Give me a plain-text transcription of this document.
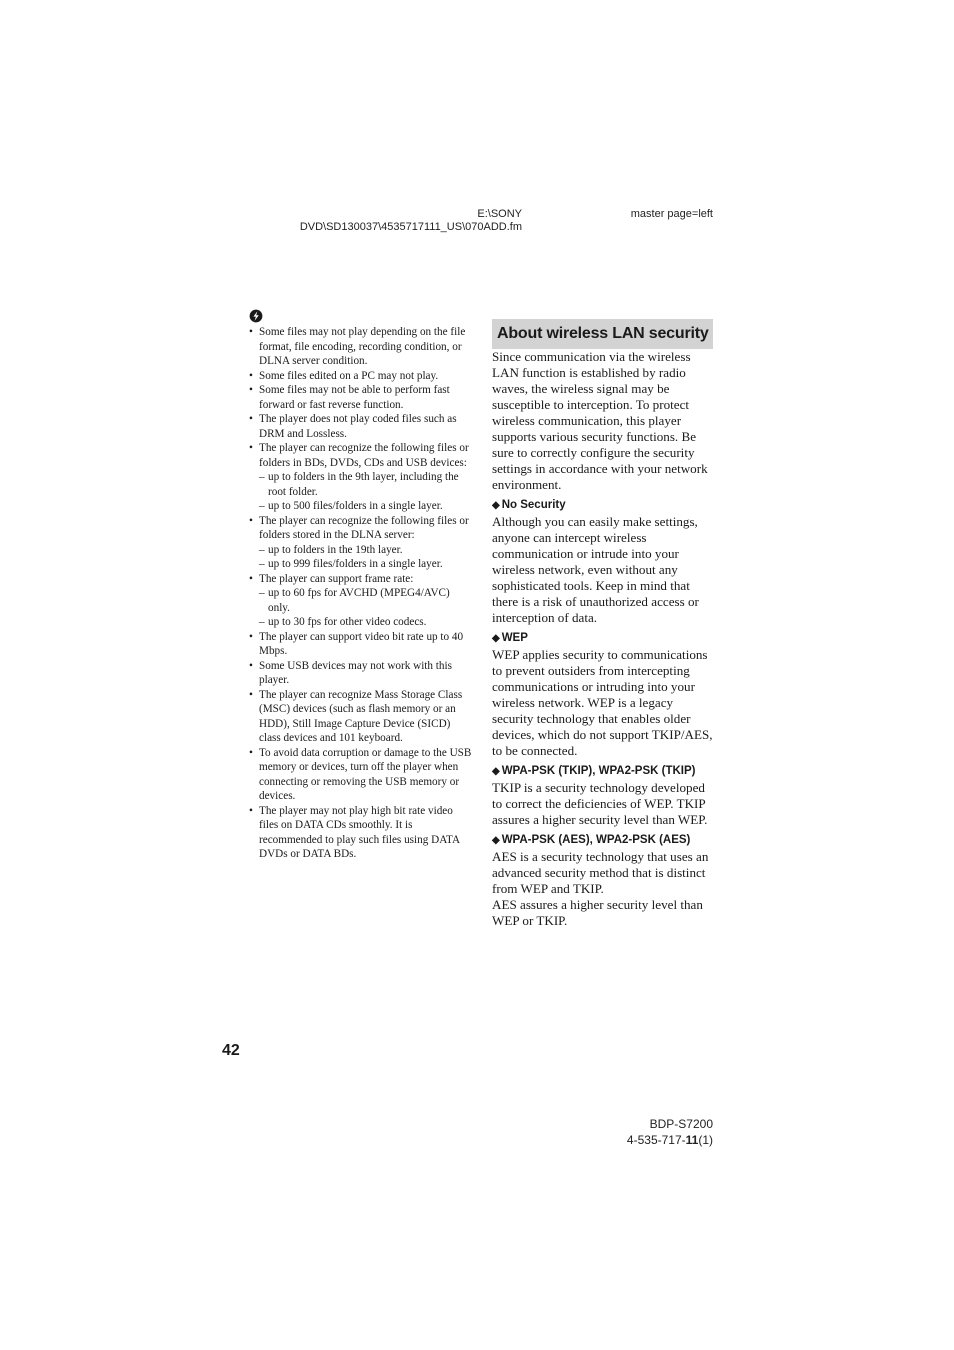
E:\SONY
DVD\SD130037\4535717111_US\070ADD.fm
master page=left
• Some files may not play depending on the file format, file encoding, recording condition, or DLNA server condition.
• Some files edited on a PC may not play.
• Some files may not be able to perform fast forward or fast reverse function.
• The player does not play coded files such as DRM and Lossless.
• The player can recognize the following files or folders in BDs, DVDs, CDs and USB devices:
– up to folders in the 9th layer, including the root folder.
– up to 500 files/folders in a single layer.
• The player can recognize the following files or folders stored in the DLNA server:
– up to folders in the 19th layer.
– up to 999 files/folders in a single layer.
• The player can support frame rate:
– up to 60 fps for AVCHD (MPEG4/AVC) only.
– up to 30 fps for other video codecs.
• The player can support video bit rate up to 40 Mbps.
• Some USB devices may not work with this player.
• The player can recognize Mass Storage Class (MSC) devices (such as flash memory or an HDD), Still Image Capture Device (SICD) class devices and 101 keyboard.
• To avoid data corruption or damage to the USB memory or devices, turn off the player when connecting or removing the USB memory or devices.
• The player may not play high bit rate video files on DATA CDs smoothly. It is recommended to play such files using DATA DVDs or DATA BDs.
About wireless LAN security

Since communication via the wireless LAN function is established by radio waves, the wireless signal may be susceptible to interception. To protect wireless communication, this player supports various security functions. Be sure to correctly configure the security settings in accordance with your network environment.

◆ No Security

Although you can easily make settings, anyone can intercept wireless communication or intrude into your wireless network, even without any sophisticated tools. Keep in mind that there is a risk of unauthorized access or interception of data.

◆ WEP

WEP applies security to communications to prevent outsiders from intercepting communications or intruding into your wireless network. WEP is a legacy security technology that enables older devices, which do not support TKIP/AES, to be connected.

◆ WPA-PSK (TKIP), WPA2-PSK (TKIP)

TKIP is a security technology developed to correct the deficiencies of WEP. TKIP assures a higher security level than WEP.

◆ WPA-PSK (AES), WPA2-PSK (AES)

AES is a security technology that uses an advanced security method that is distinct from WEP and TKIP.

AES assures a higher security level than WEP or TKIP.

42
BDP-S7200
4-535-717-11(1)
